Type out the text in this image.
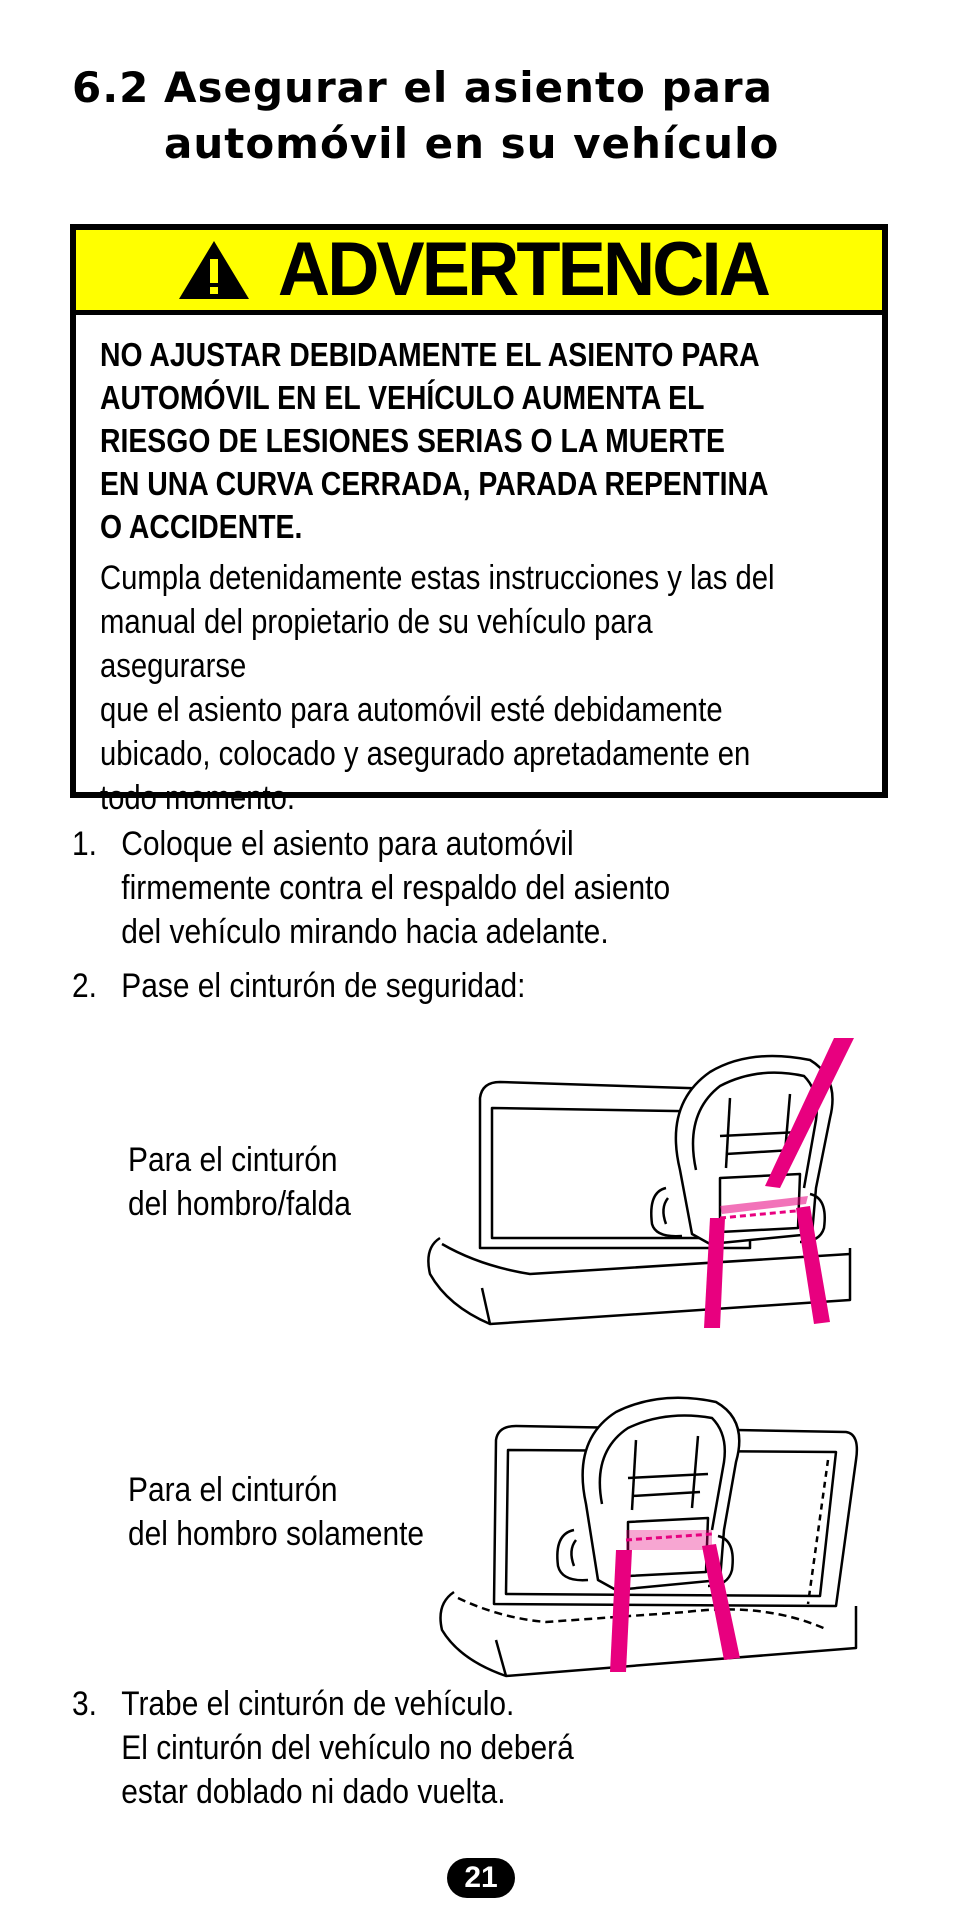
6.2 Asegurar el asiento para
automóvil en su vehículo
ADVERTENCIA
NO AJUSTAR DEBIDAMENTE EL ASIENTO PARA
AUTOMÓVIL EN EL VEHÍCULO AUMENTA EL
RIESGO DE LESIONES SERIAS O LA MUERTE
EN UNA CURVA CERRADA, PARADA REPENTINA
O ACCIDENTE.
Cumpla detenidamente estas instrucciones y las del
manual del propietario de su vehículo para asegurarse
que el asiento para automóvil esté debidamente
ubicado, colocado y asegurado apretadamente en
todo momento.
1. Coloque el asiento para automóvil
firmemente contra el respaldo del asiento
del vehículo mirando hacia adelante.
2. Pase el cinturón de seguridad:
Para el cinturón
del hombro/falda
Para el cinturón
del hombro solamente
3. Trabe el cinturón de vehículo.
El cinturón del vehículo no deberá
estar doblado ni dado vuelta.
21
